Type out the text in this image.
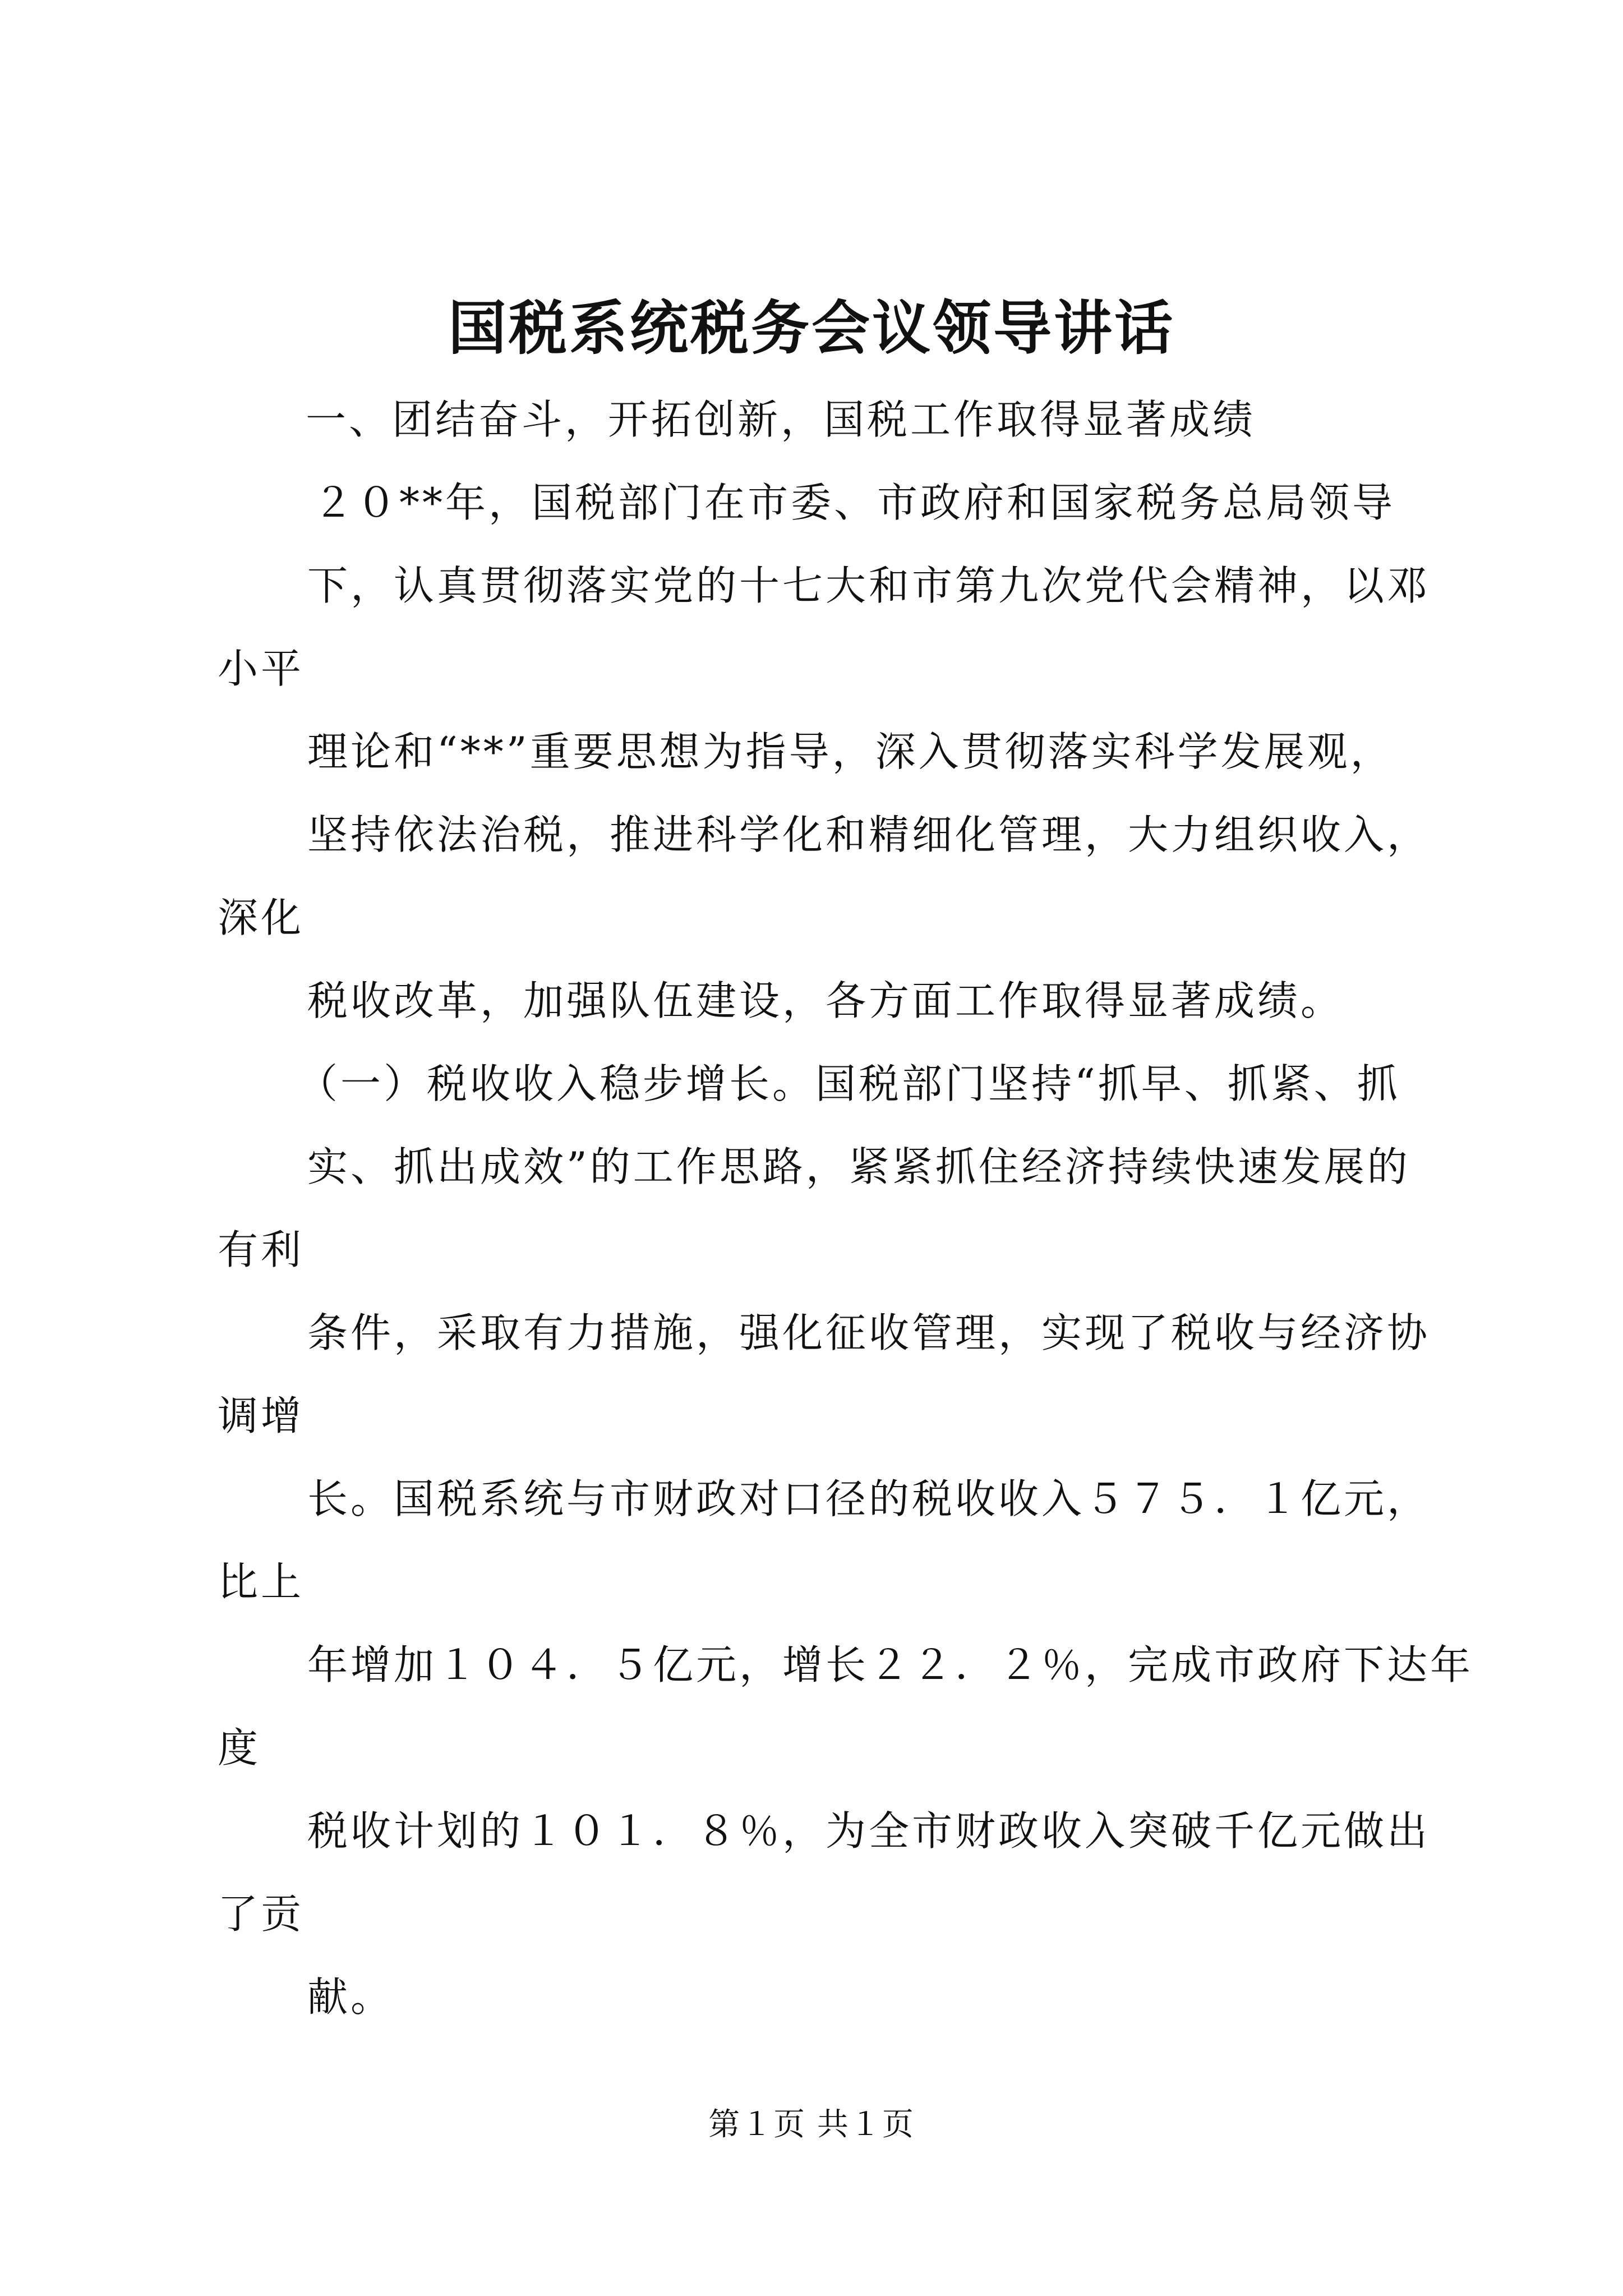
国税系统税务会议领导讲话
一、团结奋斗，开拓创新，国税工作取得显著成绩
２０**年，国税部门在市委、市政府和国家税务总局领导
下，认真贯彻落实党的十七大和市第九次党代会精神，以邓
小平
理论和“**”重要思想为指导，深入贯彻落实科学发展观，
坚持依法治税，推进科学化和精细化管理，大力组织收入，
深化
税收改革，加强队伍建设，各方面工作取得显著成绩。
（一）税收收入稳步增长。国税部门坚持“抓早、抓紧、抓
实、抓出成效”的工作思路，紧紧抓住经济持续快速发展的
有利
条件，采取有力措施，强化征收管理，实现了税收与经济协
调增
长。国税系统与市财政对口径的税收收入５７５．１亿元，
比上
年增加１０４．５亿元，增长２２．２％，完成市政府下达年
度
税收计划的１０１．８％，为全市财政收入突破千亿元做出
了贡
献。
第１页 共１页
